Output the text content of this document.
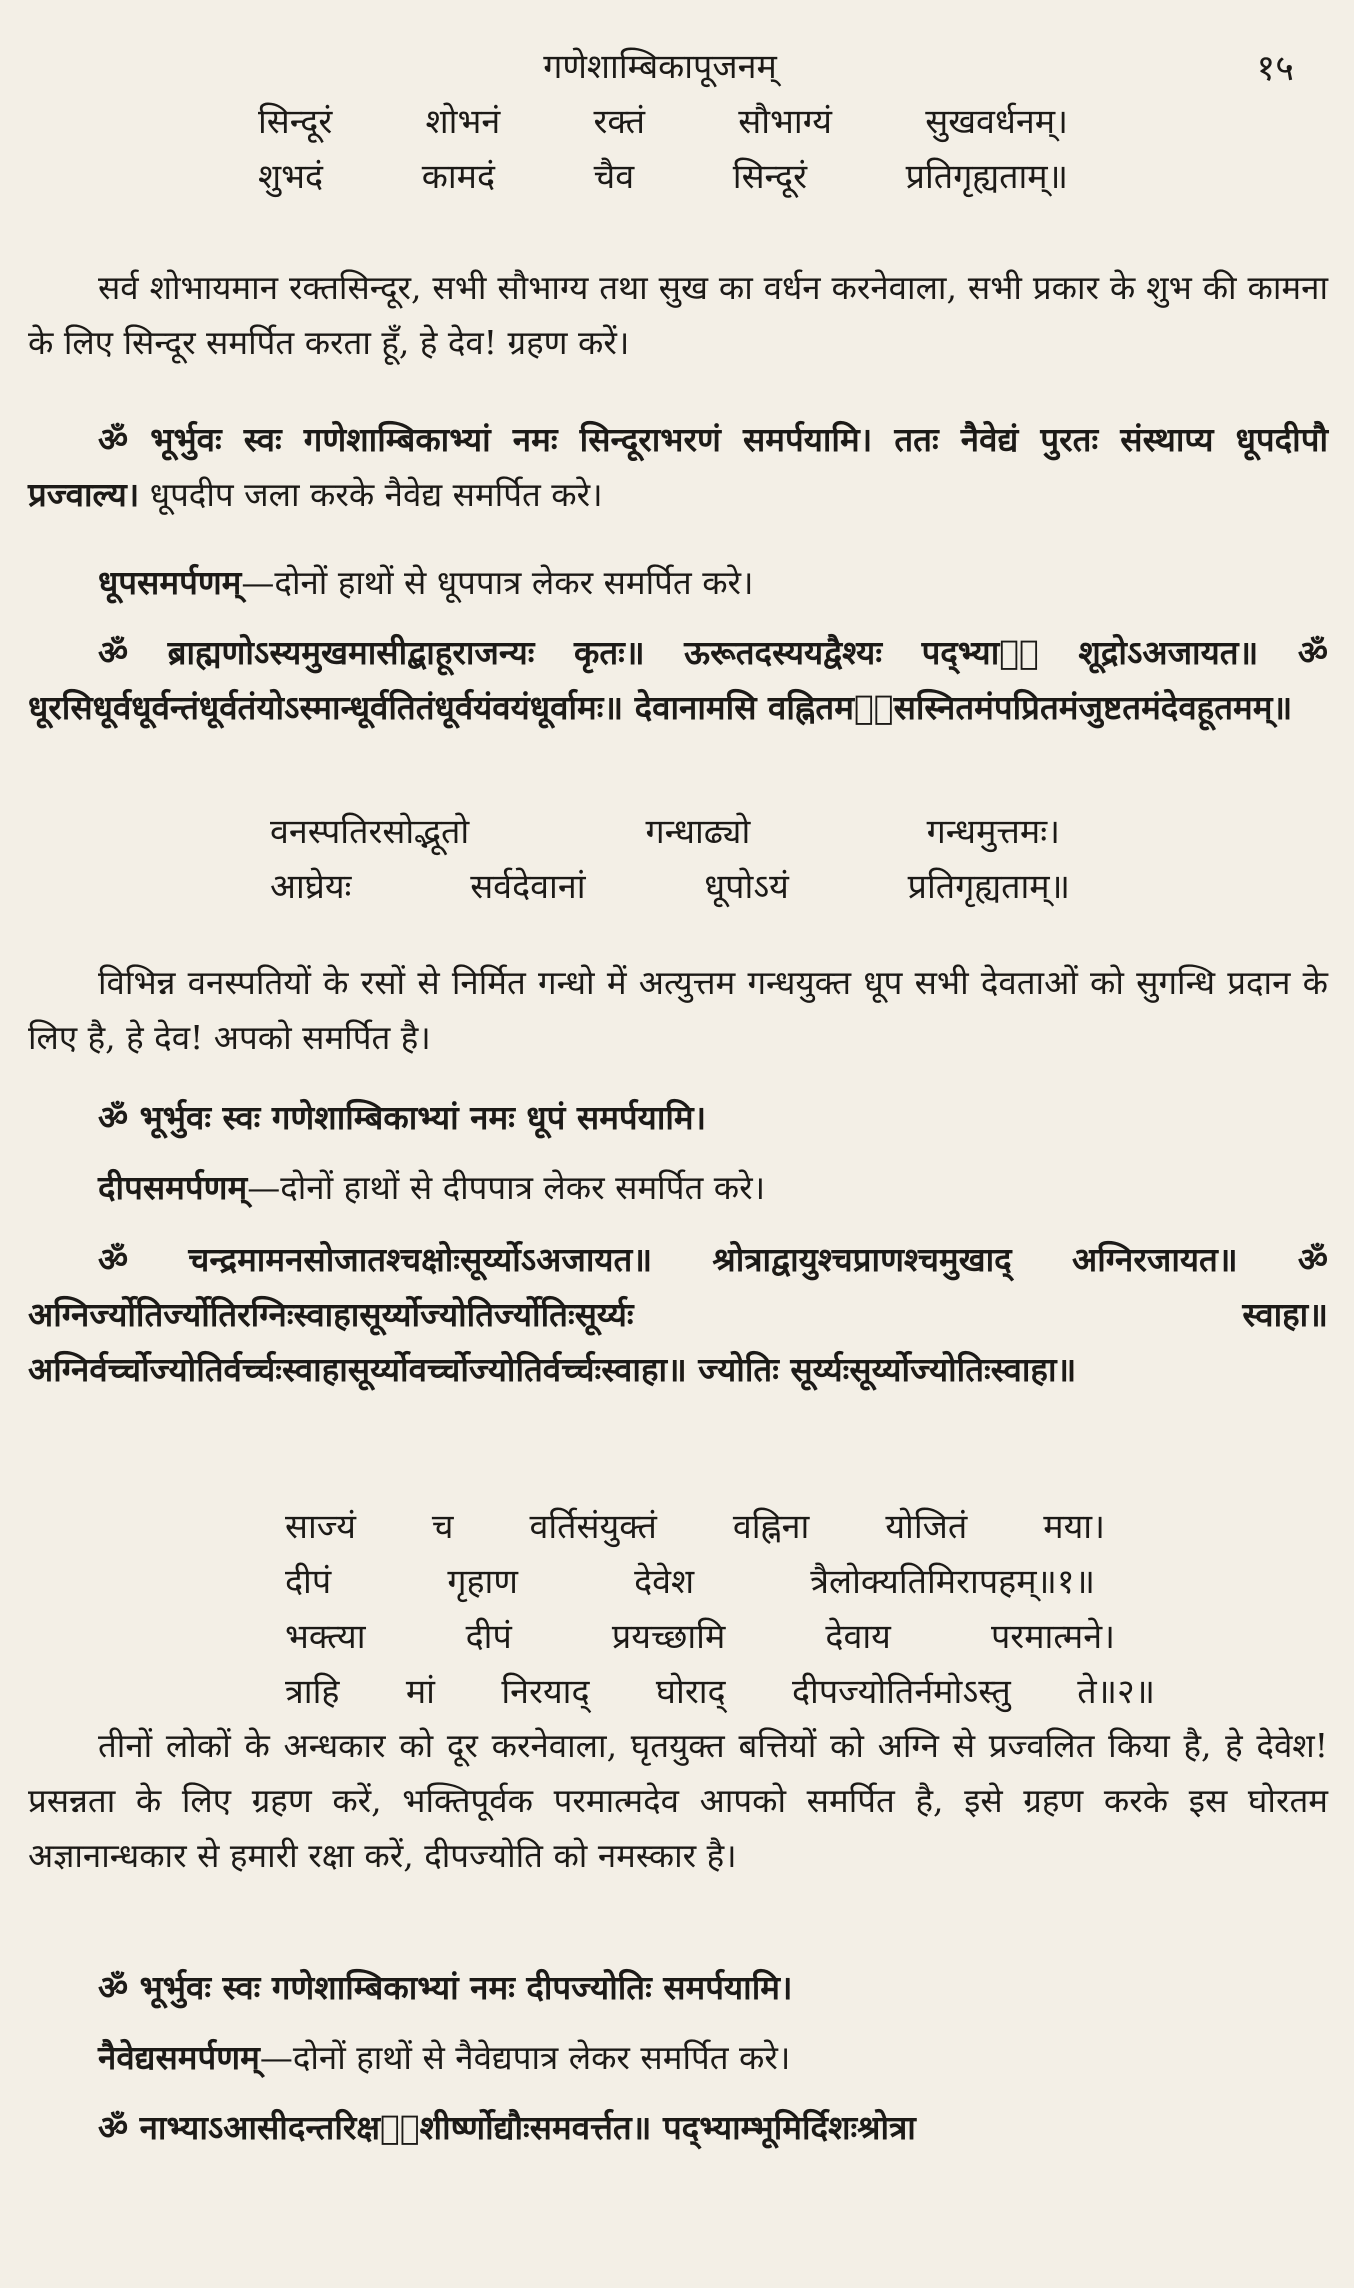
गणेशाम्बिकापूजनम्	१५
सिन्दूरं	शोभनं	रक्तं	सौभाग्यं	सुखवर्धनम्।
शुभदं	कामदं	चैव	सिन्दूरं	प्रतिगृह्यताम्॥
सर्व शोभायमान रक्तसिन्दूर, सभी सौभाग्य तथा सुख का वर्धन करनेवाला, सभी प्रकार के शुभ की कामना के लिए सिन्दूर समर्पित करता हूँ, हे देव! ग्रहण करें।
ॐ भूर्भुवः स्वः गणेशाम्बिकाभ्यां नमः सिन्दूराभरणं समर्पयामि। ततः नैवेद्यं पुरतः संस्थाप्य धूपदीपौ प्रज्वाल्य। धूपदीप जला करके नैवेद्य समर्पित करे।
धूपसमर्पणम्—दोनों हाथों से धूपपात्र लेकर समर्पित करे।
ॐ ब्राह्मणोऽस्यमुखमासीद्बाहूराजन्यः कृतः॥ ऊरूतदस्ययद्वैश्यः पद्भ्याᳫँ शूद्रोऽअजायत॥ ॐ धूरसिधूर्वधूर्वन्तंधूर्वतंयोऽस्मान्धूर्वतितंधूर्वयंवयंधूर्वामः॥ देवानामसि वह्नितमᳫँसस्नितमंपप्रितमंजुष्टतमंदेवहूतमम्॥
वनस्पतिरसोद्भूतो	गन्धाढ्यो	गन्धमुत्तमः।
आघ्रेयः	सर्वदेवानां	धूपोऽयं	प्रतिगृह्यताम्॥
विभिन्न वनस्पतियों के रसों से निर्मित गन्धो में अत्युत्तम गन्धयुक्त धूप सभी देवताओं को सुगन्धि प्रदान के लिए है, हे देव! अपको समर्पित है।
ॐ भूर्भुवः स्वः गणेशाम्बिकाभ्यां नमः धूपं समर्पयामि।
दीपसमर्पणम्—दोनों हाथों से दीपपात्र लेकर समर्पित करे।
ॐ चन्द्रमामनसोजातश्चक्षोःसूर्य्योऽअजायत॥ श्रोत्राद्वायुश्चप्राणश्चमुखाद् अग्निरजायत॥ ॐ अग्निर्ज्योतिर्ज्योतिरग्निःस्वाहासूर्य्योज्योतिर्ज्योतिःसूर्य्यः स्वाहा॥ अग्निर्वर्च्चोज्योतिर्वर्च्चःस्वाहासूर्य्योवर्च्चोज्योतिर्वर्च्चःस्वाहा॥ ज्योतिः सूर्य्यःसूर्य्योज्योतिःस्वाहा॥
साज्यं च वर्तिसंयुक्तं वह्निना योजितं मया।
दीपं	गृहाण	देवेश	त्रैलोक्यतिमिरापहम्॥१॥
भक्त्या	दीपं	प्रयच्छामि	देवाय	परमात्मने।
त्राहि मां निरयाद् घोराद् दीपज्योतिर्नमोऽस्तु ते॥२॥
तीनों लोकों के अन्धकार को दूर करनेवाला, घृतयुक्त बत्तियों को अग्नि से प्रज्वलित किया है, हे देवेश! प्रसन्नता के लिए ग्रहण करें, भक्तिपूर्वक परमात्मदेव आपको समर्पित है, इसे ग्रहण करके इस घोरतम अज्ञानान्धकार से हमारी रक्षा करें, दीपज्योति को नमस्कार है।
ॐ भूर्भुवः स्वः गणेशाम्बिकाभ्यां नमः दीपज्योतिः समर्पयामि।
नैवेद्यसमर्पणम्—दोनों हाथों से नैवेद्यपात्र लेकर समर्पित करे।
ॐ नाभ्याऽआसीदन्तरिक्षᳫँशीर्ष्णोद्यौःसमवर्त्तत॥ पद्भ्याम्भूमिर्दिशःश्रोत्रा
